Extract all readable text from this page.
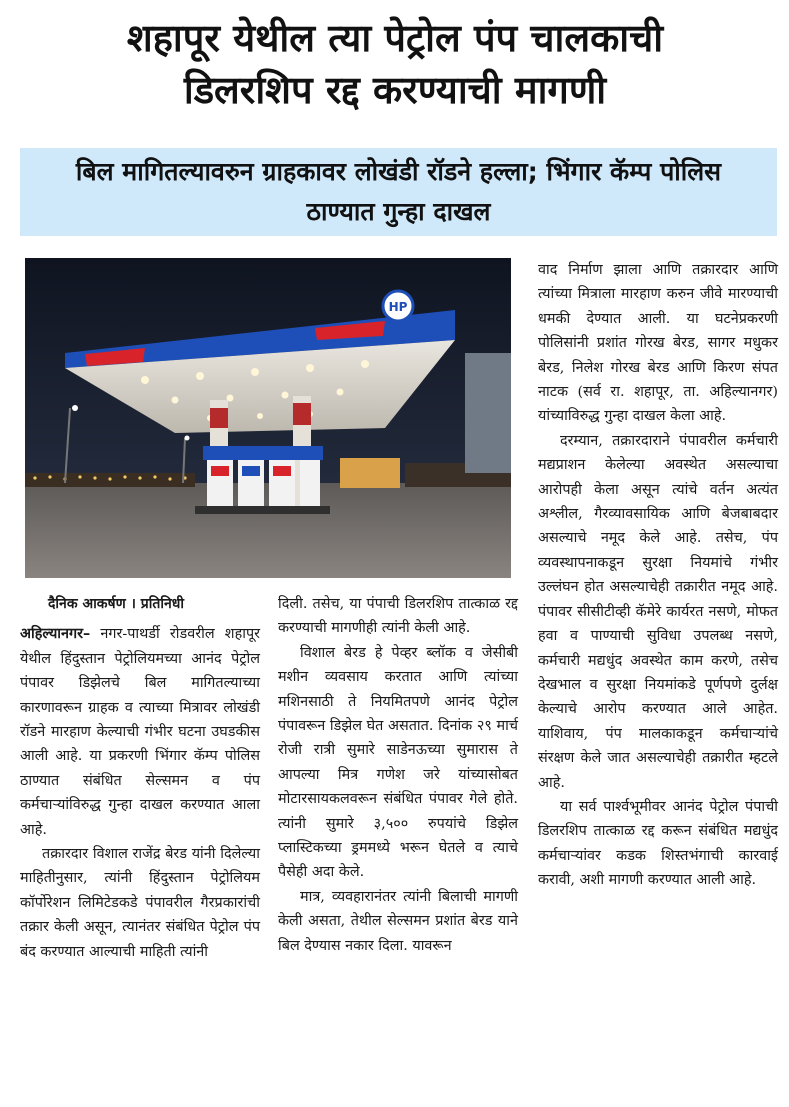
शहापूर येथील त्या पेट्रोल पंप चालकाची
डिलरशिप रद्द करण्याची मागणी
बिल मागितल्यावरुन ग्राहकावर लोखंडी रॉडने हल्ला; भिंगार कॅम्प पोलिस ठाण्यात गुन्हा दाखल
HP

दैनिक आकर्षण । प्रतिनिधी

अहिल्यानगर– नगर-पाथर्डी रोडवरील शहापूर येथील हिंदुस्तान पेट्रोलियमच्या आनंद पेट्रोल पंपावर डिझेलचे बिल मागितल्याच्या कारणावरून ग्राहक व त्याच्या मित्रावर लोखंडी रॉडने मारहाण केल्याची गंभीर घटना उघडकीस आली आहे. या प्रकरणी भिंगार कॅम्प पोलिस ठाण्यात संबंधित सेल्समन व पंप कर्मचाऱ्यांविरुद्ध गुन्हा दाखल करण्यात आला आहे.

तक्रारदार विशाल राजेंद्र बेरड यांनी दिलेल्या माहितीनुसार, त्यांनी हिंदुस्तान पेट्रोलियम कॉर्पोरेशन लिमिटेडकडे पंपावरील गैरप्रकारांची तक्रार केली असून, त्यानंतर संबंधित पेट्रोल पंप बंद करण्यात आल्याची माहिती त्यांनी

दिली. तसेच, या पंपाची डिलरशिप तात्काळ रद्द करण्याची मागणीही त्यांनी केली आहे.

विशाल बेरड हे पेव्हर ब्लॉक व जेसीबी मशीन व्यवसाय करतात आणि त्यांच्या मशिनसाठी ते नियमितपणे आनंद पेट्रोल पंपावरून डिझेल घेत असतात. दिनांक २९ मार्च रोजी रात्री सुमारे साडेनऊच्या सुमारास ते आपल्या मित्र गणेश जरे यांच्यासोबत मोटारसायकलवरून संबंधित पंपावर गेले होते. त्यांनी सुमारे ३,५०० रुपयांचे डिझेल प्लास्टिकच्या ड्रममध्ये भरून घेतले व त्याचे पैसेही अदा केले.

मात्र, व्यवहारानंतर त्यांनी बिलाची मागणी केली असता, तेथील सेल्समन प्रशांत बेरड याने बिल देण्यास नकार दिला. यावरून

वाद निर्माण झाला आणि तक्रारदार आणि त्यांच्या मित्राला मारहाण करुन जीवे मारण्याची धमकी देण्यात आली. या घटनेप्रकरणी पोलिसांनी प्रशांत गोरख बेरड, सागर मधुकर बेरड, निलेश गोरख बेरड आणि किरण संपत नाटक (सर्व रा. शहापूर, ता. अहिल्यानगर) यांच्याविरुद्ध गुन्हा दाखल केला आहे.

दरम्यान, तक्रारदाराने पंपावरील कर्मचारी मद्यप्राशन केलेल्या अवस्थेत असल्याचा आरोपही केला असून त्यांचे वर्तन अत्यंत अश्लील, गैरव्यावसायिक आणि बेजबाबदार असल्याचे नमूद केले आहे. तसेच, पंप व्यवस्थापनाकडून सुरक्षा नियमांचे गंभीर उल्लंघन होत असल्याचेही तक्रारीत नमूद आहे. पंपावर सीसीटीव्ही कॅमेरे कार्यरत नसणे, मोफत हवा व पाण्याची सुविधा उपलब्ध नसणे, कर्मचारी मद्यधुंद अवस्थेत काम करणे, तसेच देखभाल व सुरक्षा नियमांकडे पूर्णपणे दुर्लक्ष केल्याचे आरोप करण्यात आले आहेत. याशिवाय, पंप मालकाकडून कर्मचाऱ्यांचे संरक्षण केले जात असल्याचेही तक्रारीत म्हटले आहे.

या सर्व पार्श्वभूमीवर आनंद पेट्रोल पंपाची डिलरशिप तात्काळ रद्द करून संबंधित मद्यधुंद कर्मचाऱ्यांवर कडक शिस्तभंगाची कारवाई करावी, अशी मागणी करण्यात आली आहे.
